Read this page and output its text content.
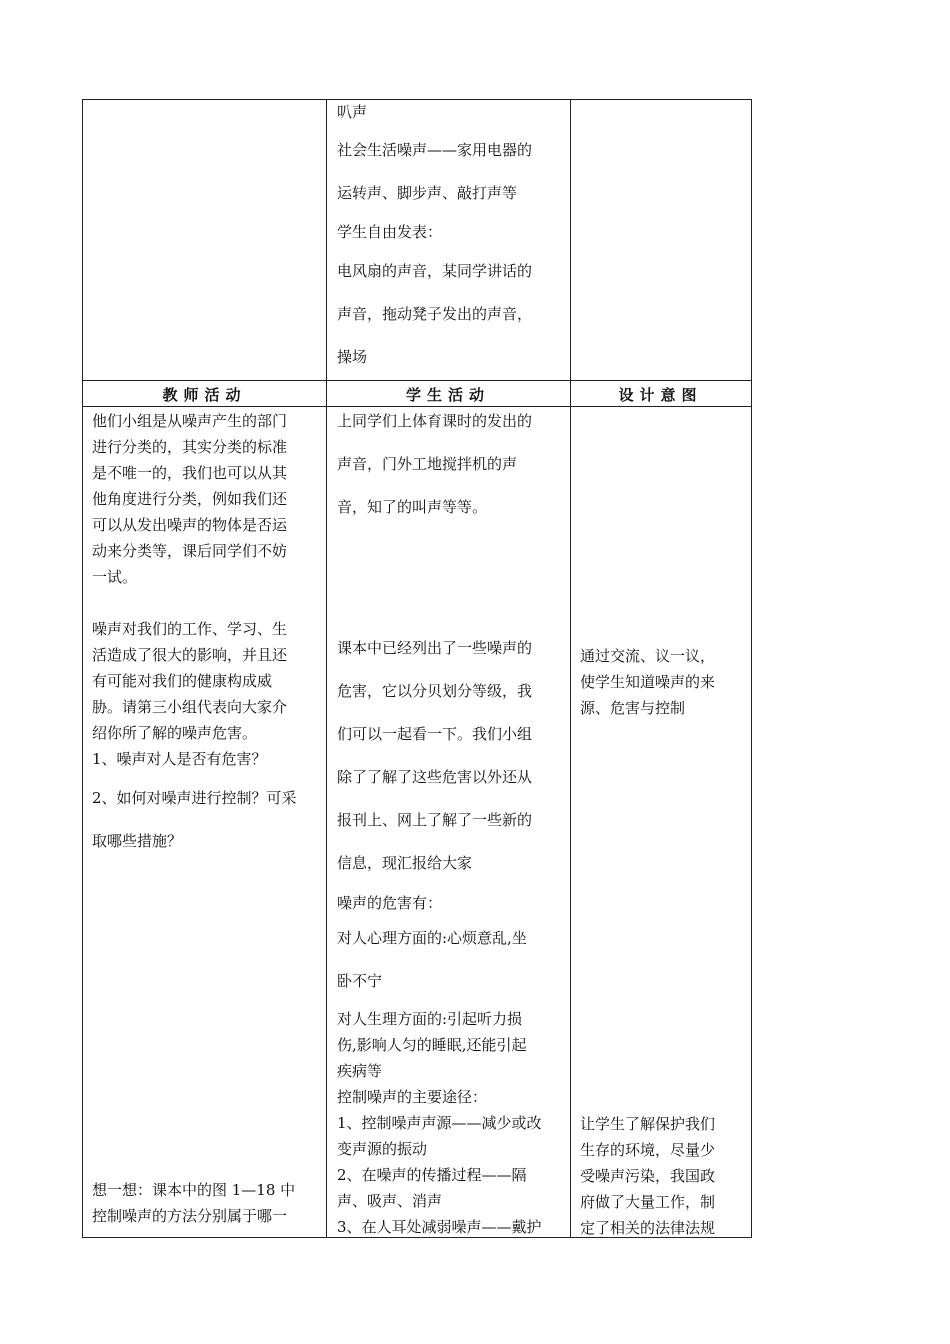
叭声

社会生活噪声——家用电器的

运转声、脚步声、敲打声等

学生自由发表：

电风扇的声音，某同学讲话的

声音，拖动凳子发出的声音，

操场

教师活动	学生活动	设计意图

他们小组是从噪声产生的部门

进行分类的，其实分类的标准

是不唯一的，我们也可以从其

他角度进行分类，例如我们还

可以从发出噪声的物体是否运

动来分类等，课后同学们不妨

一试。

噪声对我们的工作、学习、生

活造成了很大的影响，并且还

有可能对我们的健康构成威

胁。请第三小组代表向大家介

绍你所了解的噪声危害。

1、噪声对人是否有危害？

2、如何对噪声进行控制？可采

取哪些措施？

想一想：课本中的图 1—18 中

控制噪声的方法分别属于哪一

上同学们上体育课时的发出的

声音，门外工地搅拌机的声

音，知了的叫声等等。

课本中已经列出了一些噪声的

危害，它以分贝划分等级，我

们可以一起看一下。我们小组

除了了解了这些危害以外还从

报刊上、网上了解了一些新的

信息，现汇报给大家

噪声的危害有：

对人心理方面的:心烦意乱,坐

卧不宁

对人生理方面的:引起听力损

伤,影响人匀的睡眠,还能引起

疾病等

控制噪声的主要途径：

1、控制噪声声源——减少或改

变声源的振动

2、在噪声的传播过程——隔

声、吸声、消声

3、在人耳处减弱噪声——戴护

通过交流、议一议，

使学生知道噪声的来

源、危害与控制

让学生了解保护我们

生存的环境，尽量少

受噪声污染，我国政

府做了大量工作，制

定了相关的法律法规
